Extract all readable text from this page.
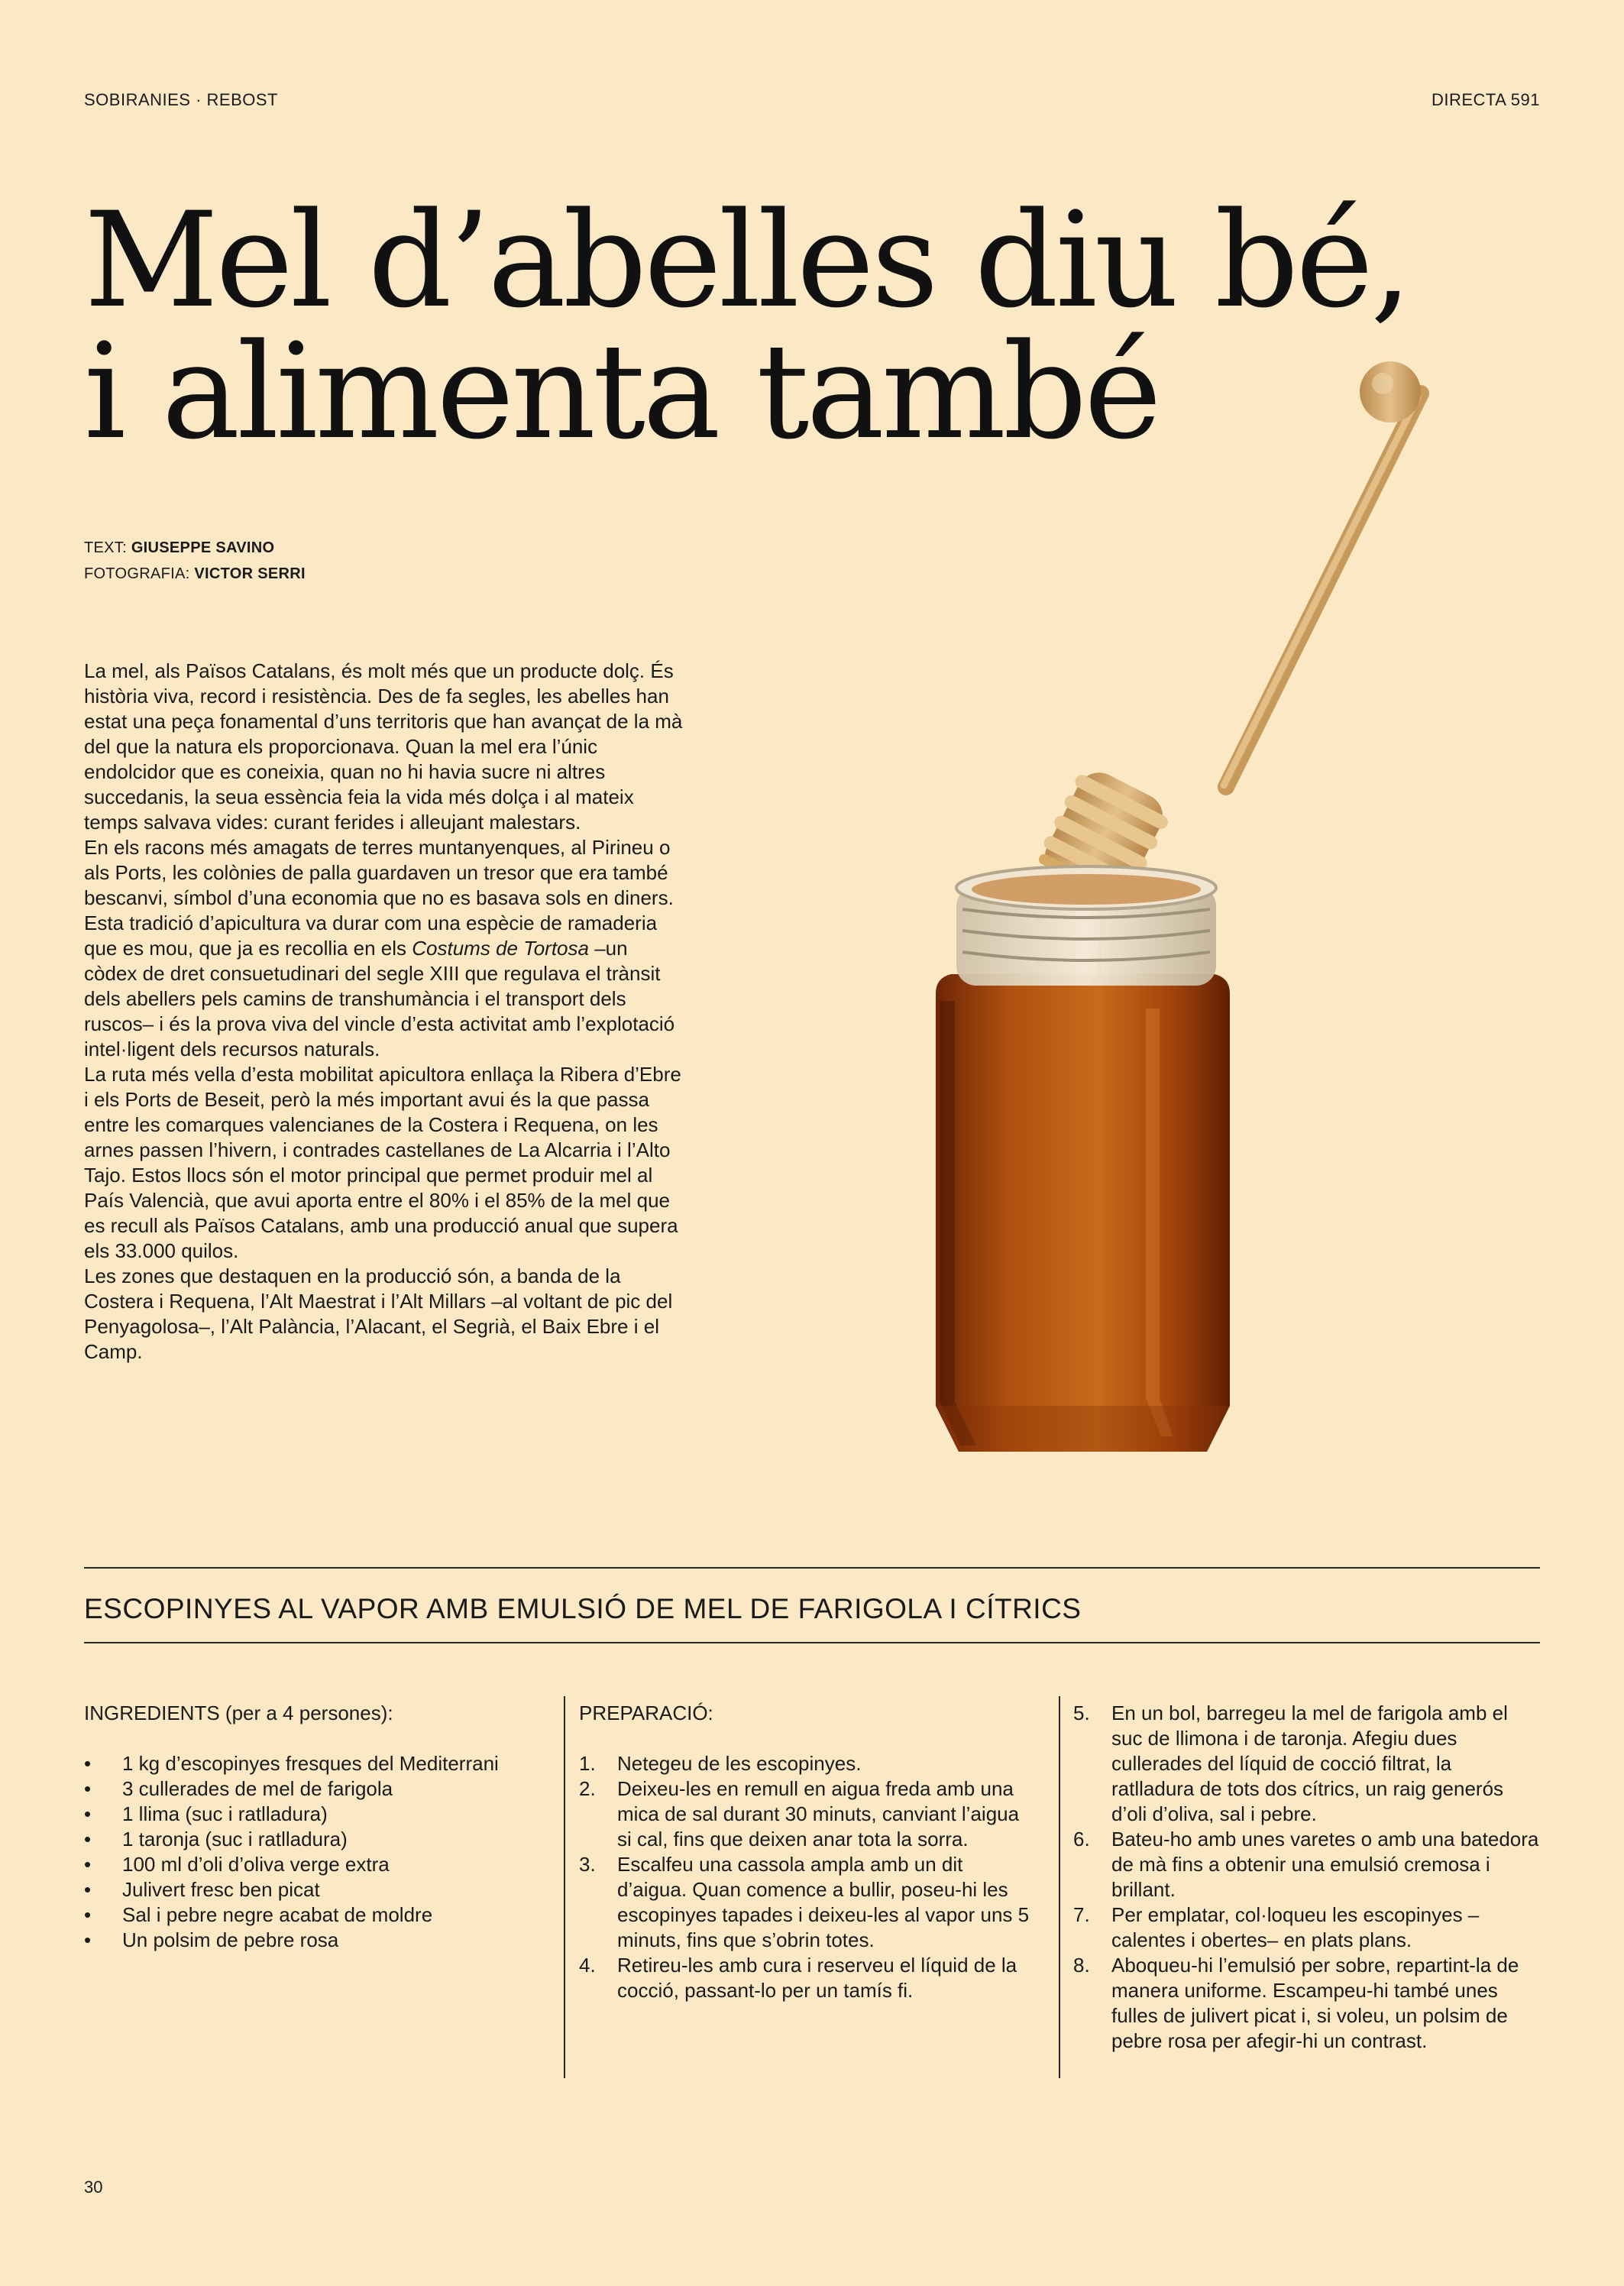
SOBIRANIES · REBOST	DIRECTA 591
Mel d’abelles diu bé,
i alimenta també
TEXT: GIUSEPPE SAVINO
FOTOGRAFIA: VICTOR SERRI

La mel, als Països Catalans, és molt més que un producte dolç. És història viva, record i resistència. Des de fa segles, les abelles han estat una peça fonamental d’uns territoris que han avançat de la mà del que la natura els proporcionava. Quan la mel era l’únic endolcidor que es coneixia, quan no hi havia sucre ni altres succedanis, la seua essència feia la vida més dolça i al mateix temps salvava vides: curant ferides i alleujant malestars.

En els racons més amagats de terres muntanyenques, al Pirineu o als Ports, les colònies de palla guardaven un tresor que era també bescanvi, símbol d’una economia que no es basava sols en diners. Esta tradició d’apicultura va durar com una espècie de ramaderia que es mou, que ja es recollia en els Costums de Tortosa –un còdex de dret consuetudinari del segle XIII que regulava el trànsit dels abellers pels camins de transhumància i el transport dels ruscos– i és la prova viva del vincle d’esta activitat amb l’explotació intel·ligent dels recursos naturals.

La ruta més vella d’esta mobilitat apicultora enllaça la Ribera d’Ebre i els Ports de Beseit, però la més important avui és la que passa entre les comarques valencianes de la Costera i Requena, on les arnes passen l’hivern, i contrades castellanes de La Alcarria i l’Alto Tajo. Estos llocs són el motor principal que permet produir mel al País Valencià, que avui aporta entre el 80% i el 85% de la mel que es recull als Països Catalans, amb una producció anual que supera els 33.000 quilos.

Les zones que destaquen en la producció són, a banda de la Costera i Requena, l’Alt Maestrat i l’Alt Millars –al voltant de pic del Penyagolosa–, l’Alt Palància, l’Alacant, el Segrià, el Baix Ebre i el Camp.

ESCOPINYES AL VAPOR AMB EMULSIÓ DE MEL DE FARIGOLA I CÍTRICS

INGREDIENTS (per a 4 persones):

• 1 kg d’escopinyes fresques del Mediterrani
• 3 cullerades de mel de farigola
• 1 llima (suc i ratlladura)
• 1 taronja (suc i ratlladura)
• 100 ml d’oli d’oliva verge extra
• Julivert fresc ben picat
• Sal i pebre negre acabat de moldre
• Un polsim de pebre rosa

PREPARACIÓ:

1.	Netegeu de les escopinyes.
2.	Deixeu-les en remull en aigua freda amb una mica de sal durant 30 minuts, canviant l’aigua si cal, fins que deixen anar tota la sorra.
3.	Escalfeu una cassola ampla amb un dit d’aigua. Quan comence a bullir, poseu-hi les escopinyes tapades i deixeu-les al vapor uns 5 minuts, fins que s’obrin totes.
4.	Retireu-les amb cura i reserveu el líquid de la cocció, passant-lo per un tamís fi.
5.	En un bol, barregeu la mel de farigola amb el suc de llimona i de taronja. Afegiu dues cullerades del líquid de cocció filtrat, la ratlladura de tots dos cítrics, un raig generós d’oli d’oliva, sal i pebre.
6.	Bateu-ho amb unes varetes o amb una batedora de mà fins a obtenir una emulsió cremosa i brillant.
7.	Per emplatar, col·loqueu les escopinyes –calentes i obertes– en plats plans.
8.	Aboqueu-hi l’emulsió per sobre, repartint-la de manera uniforme. Escampeu-hi també unes fulles de julivert picat i, si voleu, un polsim de pebre rosa per afegir-hi un contrast.
30
